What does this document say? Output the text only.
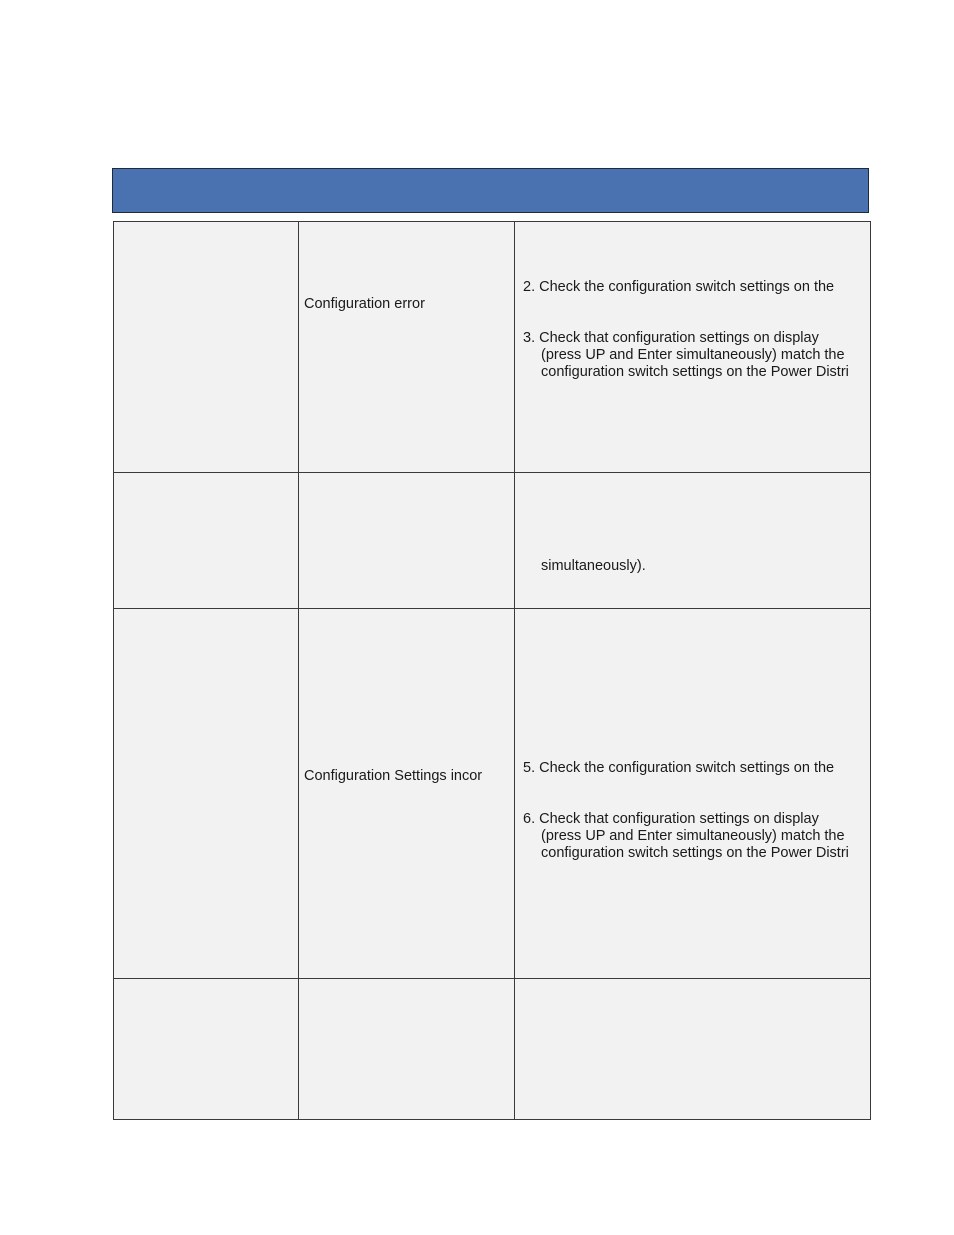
	Configuration error	2. Check the configuration switch settings on the
3. Check that configuration settings on display
(press UP and Enter simultaneously) match the
configuration switch settings on the Power Distri

		simultaneously).

	Configuration Settings incor	5. Check the configuration switch settings on the
6. Check that configuration settings on display
(press UP and Enter simultaneously) match the
configuration switch settings on the Power Distri
